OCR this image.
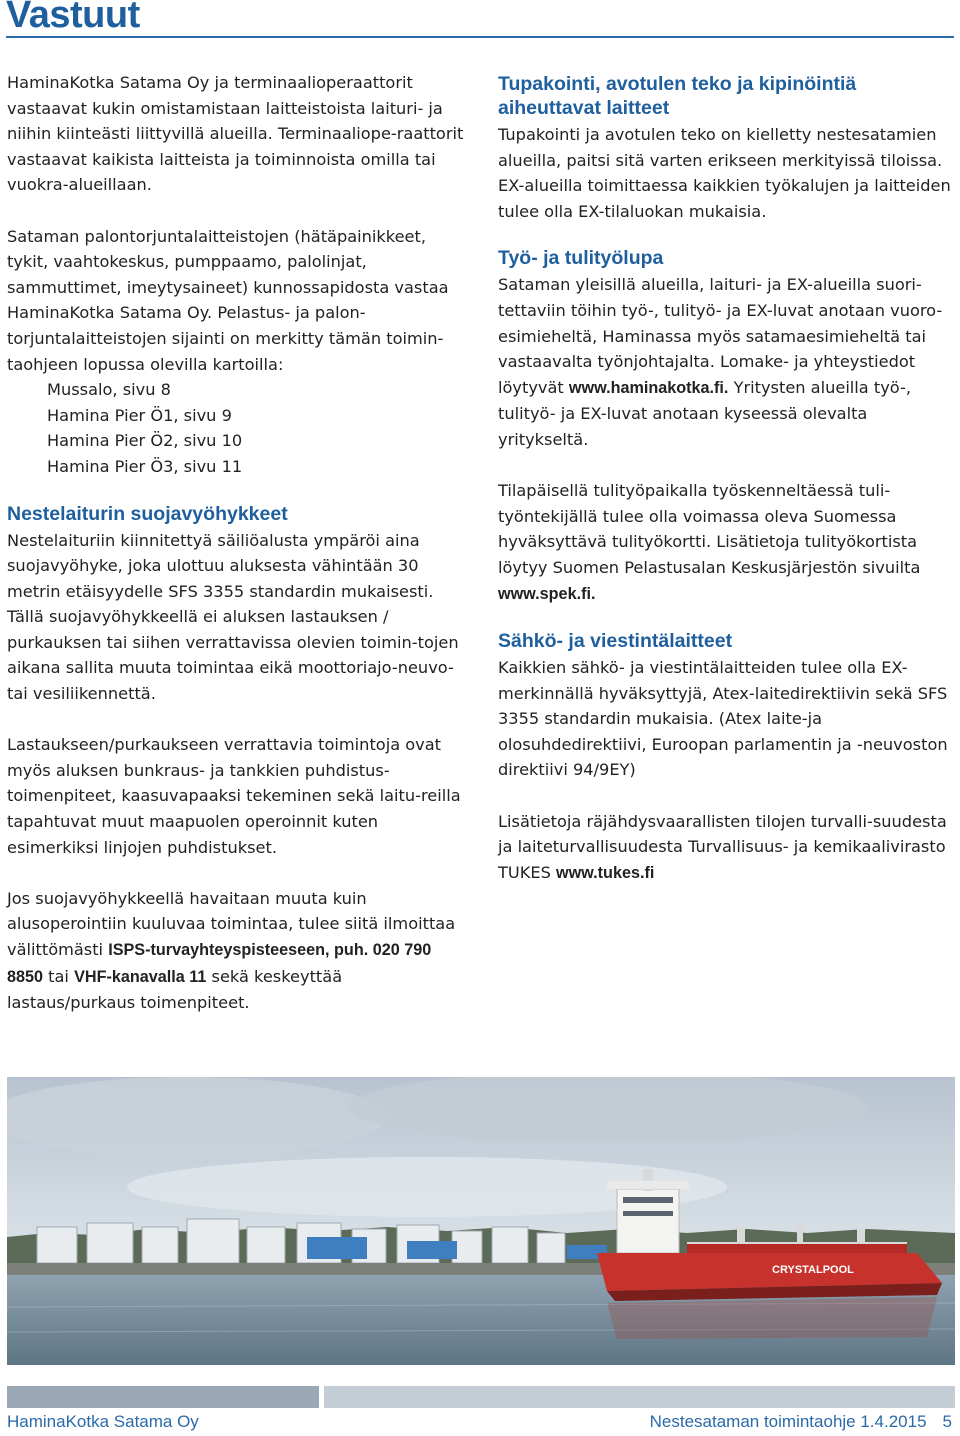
Vastuut

HaminaKotka Satama Oy ja terminaalioperaattorit vastaavat kukin omistamistaan laitteistoista laituri- ja niihin kiinteästi liittyvillä alueilla. Terminaaliope-raattorit vastaavat kaikista laitteista ja toiminnoista omilla tai vuokra-alueillaan.

Sataman palontorjuntalaitteistojen (hätäpainikkeet, tykit, vaahtokeskus, pumppaamo, palolinjat, sammuttimet, imeytysaineet) kunnossapidosta vastaa HaminaKotka Satama Oy. Pelastus- ja palon-torjuntalaitteistojen sijainti on merkitty tämän toimin-taohjeen lopussa olevilla kartoilla:
Mussalo, sivu 8
Hamina Pier Ö1, sivu 9
Hamina Pier Ö2, sivu 10
Hamina Pier Ö3, sivu 11

Nestelaiturin suojavyöhykkeet

Nestelaituriin kiinnitettyä säiliöalusta ympäröi aina suojavyöhyke, joka ulottuu aluksesta vähintään 30 metrin etäisyydelle SFS 3355 standardin mukaisesti. Tällä suojavyöhykkeellä ei aluksen lastauksen / purkauksen tai siihen verrattavissa olevien toimin-tojen aikana sallita muuta toimintaa eikä moottoriajo-neuvo- tai vesiliikennettä.

Lastaukseen/purkaukseen verrattavia toimintoja ovat myös aluksen bunkraus- ja tankkien puhdistus-toimenpiteet, kaasuvapaaksi tekeminen sekä laitu-reilla tapahtuvat muut maapuolen operoinnit kuten esimerkiksi linjojen puhdistukset.

Jos suojavyöhykkeellä havaitaan muuta kuin alusoperointiin kuuluvaa toimintaa, tulee siitä ilmoittaa välittömästi ISPS-turvayhteyspisteeseen, puh. 020 790 8850 tai VHF-kanavalla 11 sekä keskeyttää lastaus/purkaus toimenpiteet.

Tupakointi, avotulen teko ja kipinöintiä aiheuttavat laitteet

Tupakointi ja avotulen teko on kielletty nestesatamien alueilla, paitsi sitä varten erikseen merkityissä tiloissa. EX-alueilla toimittaessa kaikkien työkalujen ja laitteiden tulee olla EX-tilaluokan mukaisia.

Työ- ja tulityölupa

Sataman yleisillä alueilla, laituri- ja EX-alueilla suori-tettaviin töihin työ-, tulityö- ja EX-luvat anotaan vuoro-esimieheltä, Haminassa myös satamaesimieheltä tai vastaavalta työnjohtajalta. Lomake- ja yhteystiedot löytyvät www.haminakotka.fi. Yritysten alueilla työ-, tulityö- ja EX-luvat anotaan kyseessä olevalta yritykseltä.

Tilapäisellä tulityöpaikalla työskenneltäessä tuli-työntekijällä tulee olla voimassa oleva Suomessa hyväksyttävä tulityökortti. Lisätietoja tulityökortista löytyy Suomen Pelastusalan Keskusjärjestön sivuilta www.spek.fi.

Sähkö- ja viestintälaitteet

Kaikkien sähkö- ja viestintälaitteiden tulee olla EX-merkinnällä hyväksyttyjä, Atex-laitedirektiivin sekä SFS 3355 standardin mukaisia. (Atex laite-ja olosuhdedirektiivi, Euroopan parlamentin ja -neuvoston direktiivi 94/9EY)

Lisätietoja räjähdysvaarallisten tilojen turvalli-suudesta ja laiteturvallisuudesta Turvallisuus- ja kemikaalivirasto TUKES www.tukes.fi

CRYSTALPOOL
HaminaKotka Satama Oy	Nestesataman toimintaohje 1.4.2015 5
